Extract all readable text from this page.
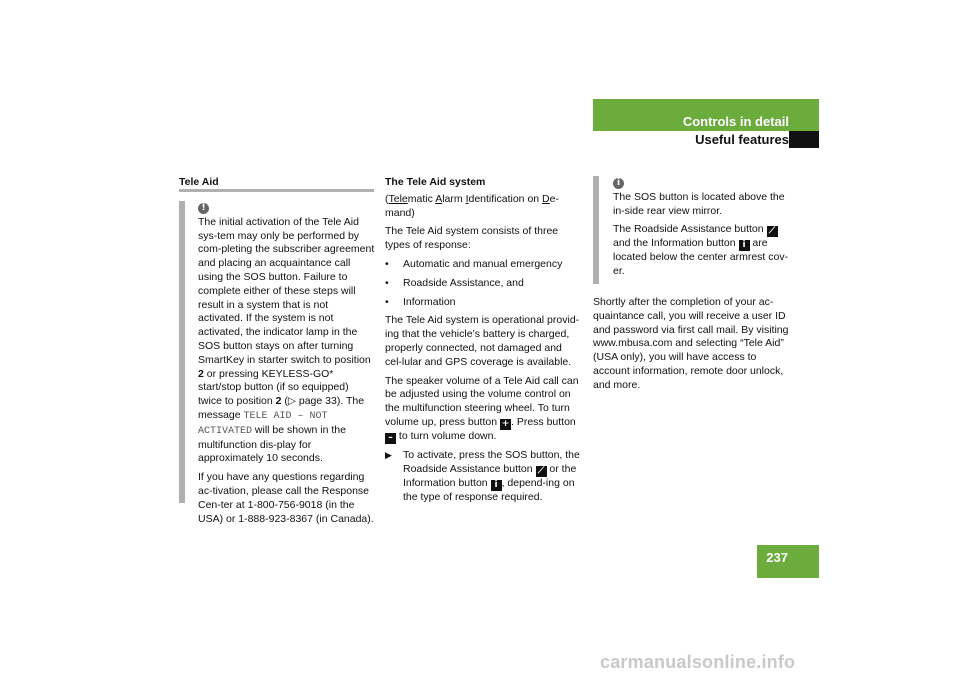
Controls in detail
Useful features
Tele Aid

!

The initial activation of the Tele Aid sys-tem may only be performed by com-pleting the subscriber agreement and placing an acquaintance call using the SOS button. Failure to complete either of these steps will result in a system that is not activated. If the system is not activated, the indicator lamp in the SOS button stays on after turning SmartKey in starter switch to position 2 or pressing KEYLESS-GO* start/stop button (if so equipped) twice to position 2 (▷ page 33). The message TELE AID – NOT ACTIVATED will be shown in the multifunction dis-play for approximately 10 seconds.

If you have any questions regarding ac-tivation, please call the Response Cen-ter at 1-800-756-9018 (in the USA) or 1-888-923-8367 (in Canada).

The Tele Aid system

(Telematic Alarm Identification on De-mand)

The Tele Aid system consists of three types of response:

• Automatic and manual emergency
• Roadside Assistance, and
• Information

The Tele Aid system is operational provid-ing that the vehicle’s battery is charged, properly connected, not damaged and cel-lular and GPS coverage is available.

The speaker volume of a Tele Aid call can be adjusted using the volume control on the multifunction steering wheel. To turn volume up, press button + . Press button – to turn volume down.

▶ To activate, press the SOS button, the Roadside Assistance button ⟋ or the Information button i , depend-ing on the type of response required.

i

The SOS button is located above the in-side rear view mirror.

The Roadside Assistance button ⟋ and the Information button i are located below the center armrest cov-er.

Shortly after the completion of your ac-quaintance call, you will receive a user ID and password via first call mail. By visiting www.mbusa.com and selecting “Tele Aid” (USA only), you will have access to account information, remote door unlock, and more.

237
carmanualsonline.info
